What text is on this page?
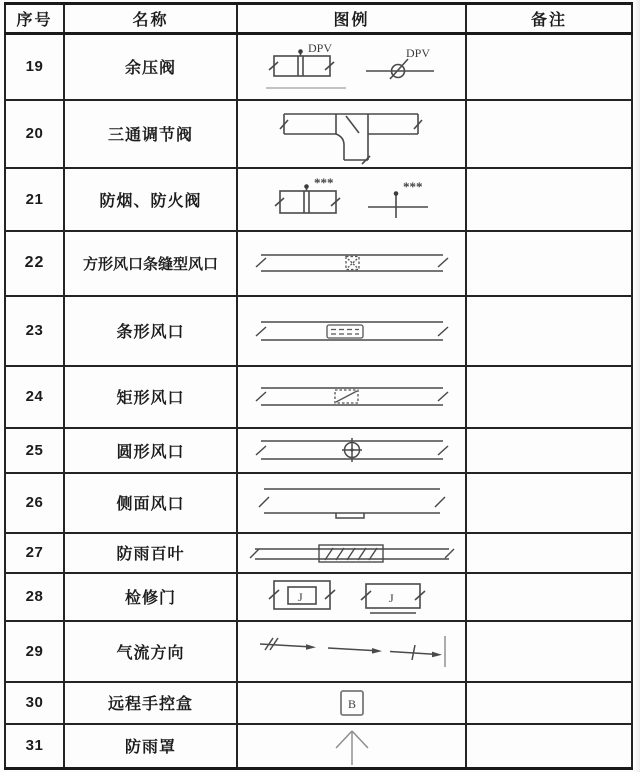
序号	名称	图例	备注
19	余压阀	DPV DPV	

20	三通调节阀	

21	防烟、防火阀	*** ***	

22	方形风口条缝型风口	

23	条形风口	

24	矩形风口	

25	圆形风口	

26	侧面风口	

27	防雨百叶	

28	检修门	J J	

29	气流方向	

30	远程手控盒	B	

31	防雨罩	
